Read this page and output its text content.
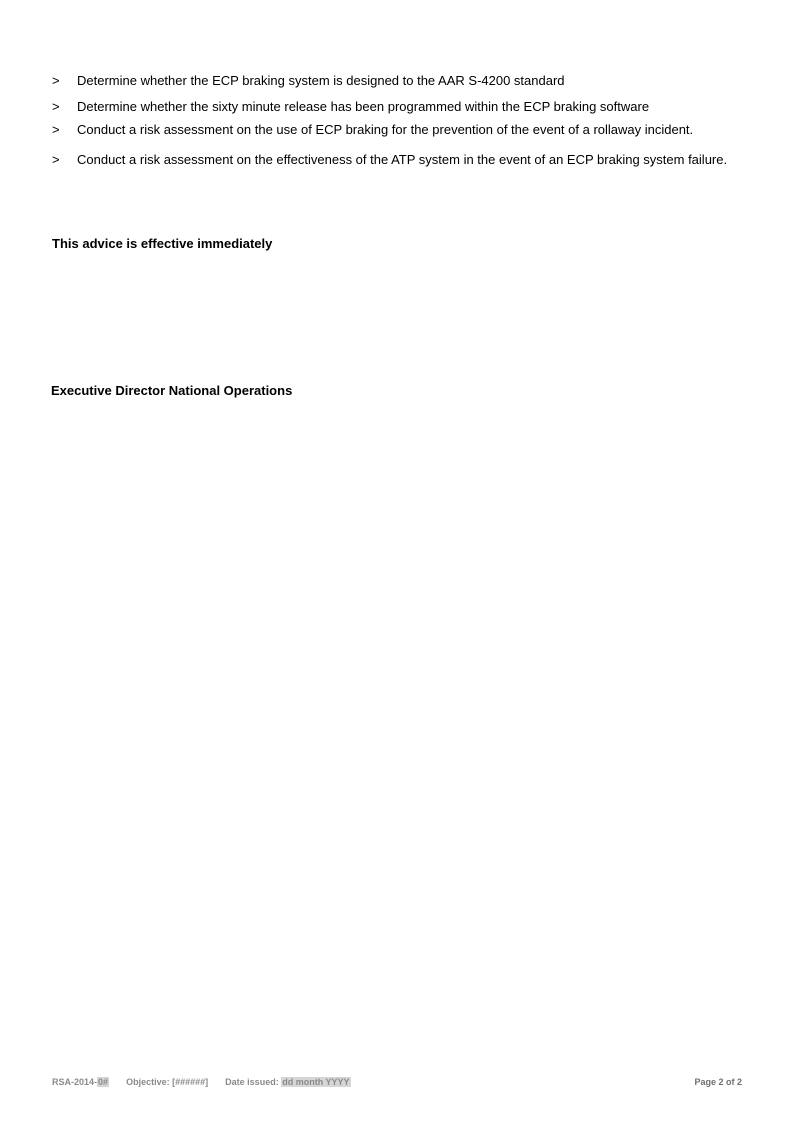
>	Determine whether the ECP braking system is designed to the AAR S-4200 standard
>	Determine whether the sixty minute release has been programmed within the ECP braking software
>	Conduct a risk assessment on the use of ECP braking for the prevention of the event of a rollaway incident.
>	Conduct a risk assessment on the effectiveness of the ATP system in the event of an ECP braking system failure.

This advice is effective immediately

Executive Director National Operations

RSA-2014-0# Objective: [######] Date issued: dd month YYYY	Page 2 of 2
